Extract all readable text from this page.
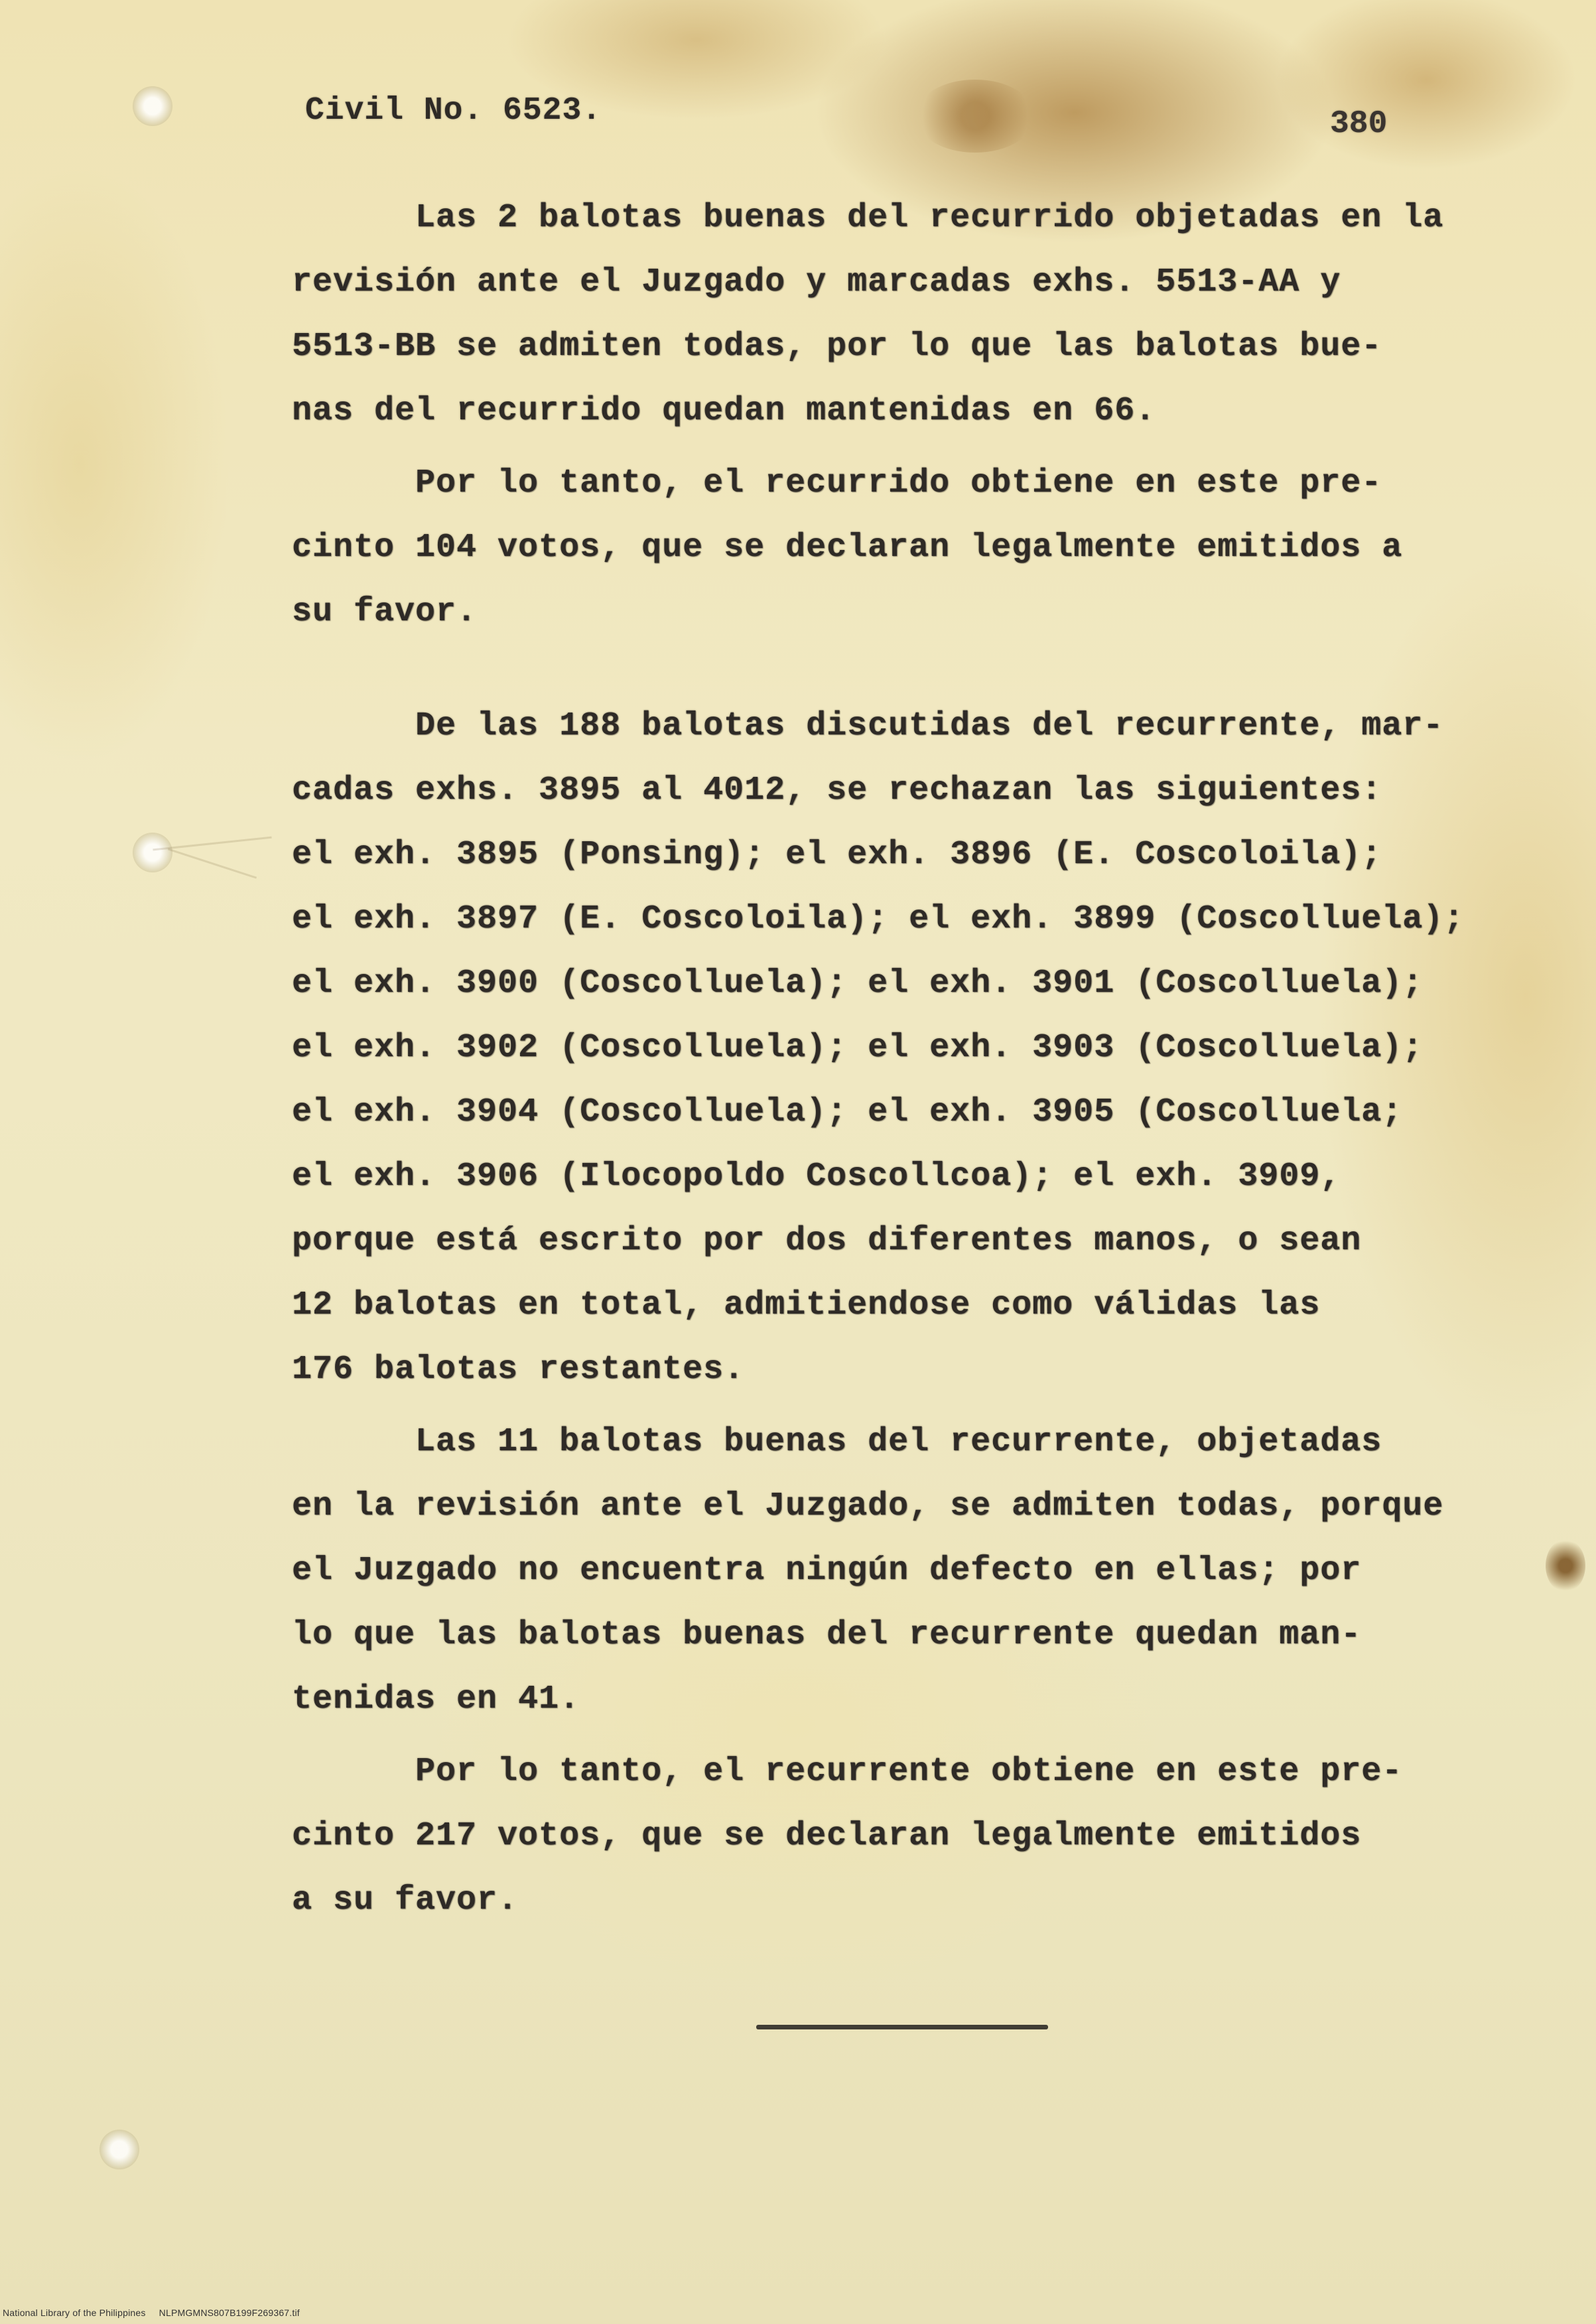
Civil No. 6523.	380
Las 2 balotas buenas del recurrido objetadas en la
revisión ante el Juzgado y marcadas exhs. 5513-AA y
5513-BB se admiten todas, por lo que las balotas bue-
nas del recurrido quedan mantenidas en 66.
Por lo tanto, el recurrido obtiene en este pre-
cinto 104 votos, que se declaran legalmente emitidos a
su favor.
De las 188 balotas discutidas del recurrente, mar-
cadas exhs. 3895 al 4012, se rechazan las siguientes:
el exh. 3895 (Ponsing); el exh. 3896 (E. Coscoloila);
el exh. 3897 (E. Coscoloila); el exh. 3899 (Coscolluela);
el exh. 3900 (Coscolluela); el exh. 3901 (Coscolluela);
el exh. 3902 (Coscolluela); el exh. 3903 (Coscolluela);
el exh. 3904 (Coscolluela); el exh. 3905 (Coscolluela;
el exh. 3906 (Ilocopoldo Coscollcoa); el exh. 3909,
porque está escrito por dos diferentes manos, o sean
12 balotas en total, admitiendose como válidas las
176 balotas restantes.
Las 11 balotas buenas del recurrente, objetadas
en la revisión ante el Juzgado, se admiten todas, porque
el Juzgado no encuentra ningún defecto en ellas; por
lo que las balotas buenas del recurrente quedan man-
tenidas en 41.
Por lo tanto, el recurrente obtiene en este pre-
cinto 217 votos, que se declaran legalmente emitidos
a su favor.
National Library of the Philippines NLPMGMNS807B199F269367.tif
